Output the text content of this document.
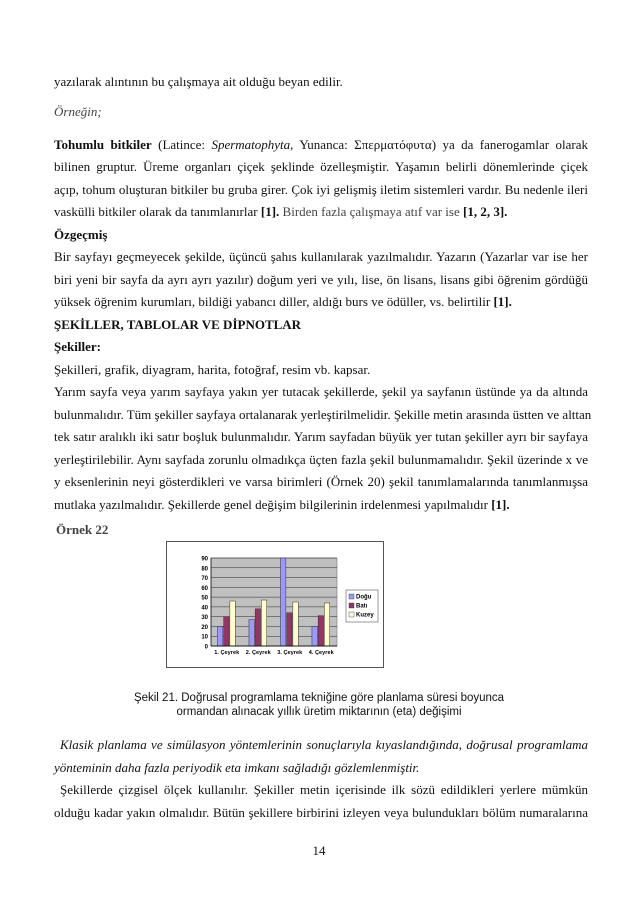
yazılarak alıntının bu çalışmaya ait olduğu beyan edilir.
Örneğin;
Tohumlu bitkiler (Latince: Spermatophyta, Yunanca: Σπερματόφυτα) ya da fanerogamlar olarak
bilinen gruptur. Üreme organları çiçek şeklinde özelleşmiştir. Yaşamın belirli dönemlerinde çiçek
açıp, tohum oluşturan bitkiler bu gruba girer. Çok iyi gelişmiş iletim sistemleri vardır. Bu nedenle ileri
vaskülli bitkiler olarak da tanımlanırlar [1]. Birden fazla çalışmaya atıf var ise [1, 2, 3].
Özgeçmiş
Bir sayfayı geçmeyecek şekilde, üçüncü şahıs kullanılarak yazılmalıdır. Yazarın (Yazarlar var ise her
biri yeni bir sayfa da ayrı ayrı yazılır) doğum yeri ve yılı, lise, ön lisans, lisans gibi öğrenim gördüğü
yüksek öğrenim kurumları, bildiği yabancı diller, aldığı burs ve ödüller, vs. belirtilir [1].
ŞEKİLLER, TABLOLAR VE DİPNOTLAR
Şekiller:
Şekilleri, grafik, diyagram, harita, fotoğraf, resim vb. kapsar.
Yarım sayfa veya yarım sayfaya yakın yer tutacak şekillerde, şekil ya sayfanın üstünde ya da altında
bulunmalıdır. Tüm şekiller sayfaya ortalanarak yerleştirilmelidir. Şekille metin arasında üstten ve alttan
tek satır aralıklı iki satır boşluk bulunmalıdır. Yarım sayfadan büyük yer tutan şekiller ayrı bir sayfaya
yerleştirilebilir. Aynı sayfada zorunlu olmadıkça üçten fazla şekil bulunmamalıdır. Şekil üzerinde x ve
y eksenlerinin neyi gösterdikleri ve varsa birimleri (Örnek 20) şekil tanımlamalarında tanımlanmışsa
mutlaka yazılmalıdır. Şekillerde genel değişim bilgilerinin irdelenmesi yapılmalıdır [1].
Örnek 22
0
10
20
30
40
50
60
70
80
90
1. Çeyrek 2. Çeyrek 3. Çeyrek 4. Çeyrek
Doğu
Batı
Kuzey
Şekil 21. Doğrusal programlama tekniğine göre planlama süresi boyunca
ormandan alınacak yıllık üretim miktarının (eta) değişimi
Klasik planlama ve simülasyon yöntemlerinin sonuçlarıyla kıyaslandığında, doğrusal programlama
yönteminin daha fazla periyodik eta imkanı sağladığı gözlemlenmiştir.
Şekillerde çizgisel ölçek kullanılır. Şekiller metin içerisinde ilk sözü edildikleri yerlere mümkün
olduğu kadar yakın olmalıdır. Bütün şekillere birbirini izleyen veya bulundukları bölüm numaralarına
14
